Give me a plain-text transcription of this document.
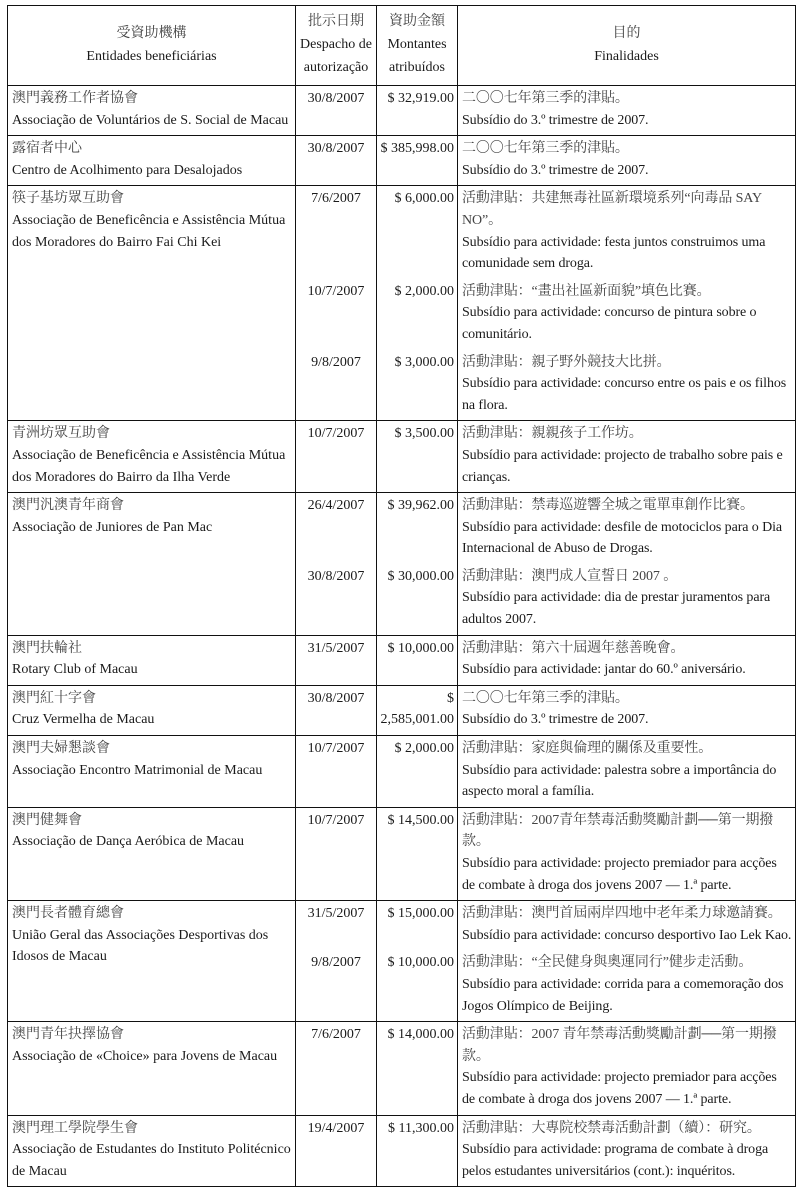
受資助機構
Entidades beneficiárias	批示日期
Despacho de
autorização	資助金額
Montantes
atribuídos	目的
Finalidades

澳門義務工作者協會
Associação de Voluntários de S. Social de Macau	30/8/2007	$ 32,919.00	二〇〇七年第三季的津貼。
Subsídio do 3.º trimestre de 2007.

露宿者中心
Centro de Acolhimento para Desalojados	30/8/2007	$ 385,998.00	二〇〇七年第三季的津貼。
Subsídio do 3.º trimestre de 2007.

筷子基坊眾互助會
Associação de Beneficência e Assistência Mútua dos Moradores do Bairro Fai Chi Kei	7/6/2007	$ 6,000.00	活動津貼：共建無毒社區新環境系列“向毒品 SAY NO”。
Subsídio para actividade: festa juntos construimos uma comunidade sem droga.

	10/7/2007	$ 2,000.00	活動津貼：“畫出社區新面貌”填色比賽。
Subsídio para actividade: concurso de pintura sobre o comunitário.

	9/8/2007	$ 3,000.00	活動津貼：親子野外競技大比拼。
Subsídio para actividade: concurso entre os pais e os filhos na flora.

青洲坊眾互助會
Associação de Beneficência e Assistência Mútua dos Moradores do Bairro da Ilha Verde	10/7/2007	$ 3,500.00	活動津貼：親親孩子工作坊。
Subsídio para actividade: projecto de trabalho sobre pais e crianças.

澳門汎澳青年商會
Associação de Juniores de Pan Mac	26/4/2007	$ 39,962.00	活動津貼：禁毒巡遊響全城之電單車創作比賽。
Subsídio para actividade: desfile de motociclos para o Dia Internacional de Abuso de Drogas.

	30/8/2007	$ 30,000.00	活動津貼：澳門成人宣誓日 2007 。
Subsídio para actividade: dia de prestar juramentos para adultos 2007.

澳門扶輪社
Rotary Club of Macau	31/5/2007	$ 10,000.00	活動津貼：第六十屆週年慈善晚會。
Subsídio para actividade: jantar do 60.º aniversário.

澳門紅十字會
Cruz Vermelha de Macau	30/8/2007	$ 2,585,001.00	二〇〇七年第三季的津貼。
Subsídio do 3.º trimestre de 2007.

澳門夫婦懇談會
Associação Encontro Matrimonial de Macau	10/7/2007	$ 2,000.00	活動津貼：家庭與倫理的關係及重要性。
Subsídio para actividade: palestra sobre a importância do aspecto moral a família.

澳門健舞會
Associação de Dança Aeróbica de Macau	10/7/2007	$ 14,500.00	活動津貼：2007青年禁毒活動獎勵計劃──第一期撥款。
Subsídio para actividade: projecto premiador para acções de combate à droga dos jovens 2007 — 1.ª parte.

澳門長者體育總會
União Geral das Associações Desportivas dos Idosos de Macau	31/5/2007	$ 15,000.00	活動津貼：澳門首屆兩岸四地中老年柔力球邀請賽。
Subsídio para actividade: concurso desportivo Iao Lek Kao.

	9/8/2007	$ 10,000.00	活動津貼：“全民健身與奧運同行”健步走活動。
Subsídio para actividade: corrida para a comemoração dos Jogos Olímpico de Beijing.

澳門青年抉擇協會
Associação de «Choice» para Jovens de Macau	7/6/2007	$ 14,000.00	活動津貼：2007 青年禁毒活動獎勵計劃──第一期撥款。
Subsídio para actividade: projecto premiador para acções de combate à droga dos jovens 2007 — 1.ª parte.

澳門理工學院學生會
Associação de Estudantes do Instituto Politécnico de Macau	19/4/2007	$ 11,300.00	活動津貼：大專院校禁毒活動計劃（續）：研究。
Subsídio para actividade: programa de combate à droga pelos estudantes universitários (cont.): inquéritos.
